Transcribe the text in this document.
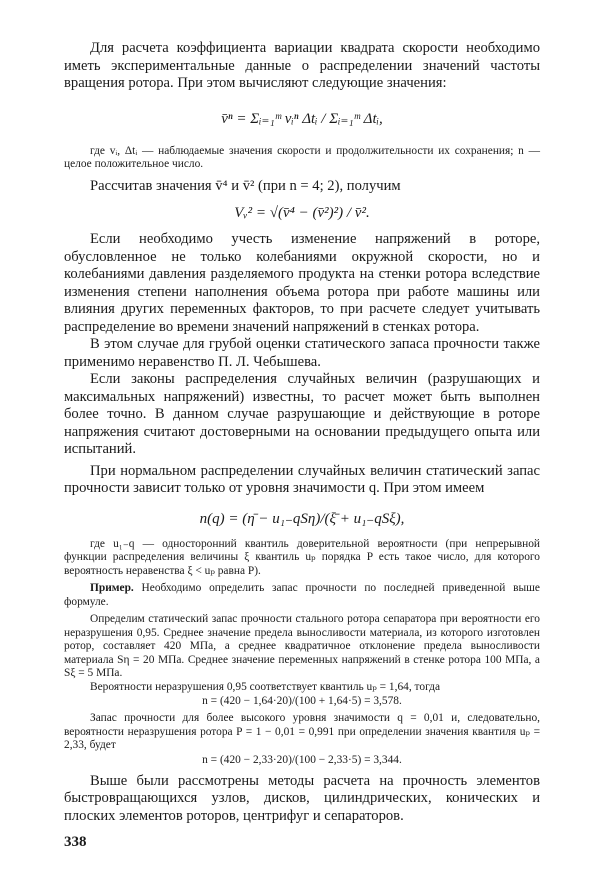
Для расчета коэффициента вариации квадрата скорости необходимо иметь экспериментальные данные о распределении значений частоты вращения ротора. При этом вычисляют следующие значения:

v̄ⁿ = Σᵢ₌₁ᵐ vᵢⁿ Δtᵢ / Σᵢ₌₁ᵐ Δtᵢ,

где vᵢ, Δtᵢ — наблюдаемые значения скорости и продолжительности их сохранения; n — целое положительное число.

Рассчитав значения v̄⁴ и v̄² (при n = 4; 2), получим

Vᵥ² = √(v̄⁴ − (v̄²)²) / v̄².

Если необходимо учесть изменение напряжений в роторе, обусловленное не только колебаниями окружной скорости, но и колебаниями давления разделяемого продукта на стенки ротора вследствие изменения степени наполнения объема ротора при работе машины или влияния других переменных факторов, то при расчете следует учитывать распределение во времени значений напряжений в стенках ротора.

В этом случае для грубой оценки статического запаса прочности также применимо неравенство П. Л. Чебышева.

Если законы распределения случайных величин (разрушающих и максимальных напряжений) известны, то расчет может быть выполнен более точно. В данном случае разрушающие и действующие в роторе напряжения считают достоверными на основании предыдущего опыта или испытаний.

При нормальном распределении случайных величин статический запас прочности зависит только от уровня значимости q. При этом имеем

n(q) = (η̄ − u₁₋qSη)/(ξ̄ + u₁₋qSξ),

где u₁₋q — односторонний квантиль доверительной вероятности (при непрерывной функции распределения величины ξ квантиль uₚ порядка P есть такое число, для которого вероятность неравенства ξ < uₚ равна P).

Пример. Необходимо определить запас прочности по последней приведенной выше формуле.

Определим статический запас прочности стального ротора сепаратора при вероятности его неразрушения 0,95. Среднее значение предела выносливости материала, из которого изготовлен ротор, составляет 420 МПа, а среднее квадратичное отклонение предела выносливости материала Sη = 20 МПа. Среднее значение переменных напряжений в стенке ротора 100 МПа, а Sξ = 5 МПа.

Вероятности неразрушения 0,95 соответствует квантиль uₚ = 1,64, тогда

n = (420 − 1,64·20)/(100 + 1,64·5) = 3,578.

Запас прочности для более высокого уровня значимости q = 0,01 и, следовательно, вероятности неразрушения ротора P = 1 − 0,01 = 0,991 при определении значения квантиля uₚ = 2,33, будет

n = (420 − 2,33·20)/(100 − 2,33·5) = 3,344.

Выше были рассмотрены методы расчета на прочность элементов быстровращающихся узлов, дисков, цилиндрических, конических и плоских элементов роторов, центрифуг и сепараторов.

338
